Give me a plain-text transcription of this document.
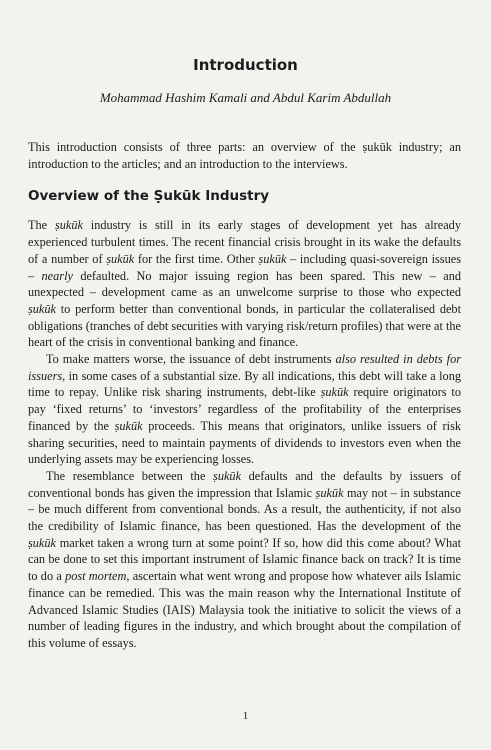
Introduction

Mohammad Hashim Kamali and Abdul Karim Abdullah

This introduction consists of three parts: an overview of the ṣukūk industry; an introduction to the articles; and an introduction to the interviews.

Overview of the Ṣukūk Industry

The ṣukūk industry is still in its early stages of development yet has already experienced turbulent times. The recent financial crisis brought in its wake the defaults of a number of ṣukūk for the first time. Other ṣukūk – including quasi-sovereign issues – nearly defaulted. No major issuing region has been spared. This new – and unexpected – development came as an unwelcome surprise to those who expected ṣukūk to perform better than conventional bonds, in particular the collateralised debt obligations (tranches of debt securities with varying risk/return profiles) that were at the heart of the crisis in conventional banking and finance.

To make matters worse, the issuance of debt instruments also resulted in debts for issuers, in some cases of a substantial size. By all indications, this debt will take a long time to repay. Unlike risk sharing instruments, debt-like ṣukūk require originators to pay ‘fixed returns’ to ‘investors’ regardless of the profitability of the enterprises financed by the ṣukūk proceeds. This means that originators, unlike issuers of risk sharing securities, need to maintain payments of dividends to investors even when the underlying assets may be experiencing losses.

The resemblance between the ṣukūk defaults and the defaults by issuers of conventional bonds has given the impression that Islamic ṣukūk may not – in substance – be much different from conventional bonds. As a result, the authenticity, if not also the credibility of Islamic finance, has been questioned. Has the development of the ṣukūk market taken a wrong turn at some point? If so, how did this come about? What can be done to set this important instrument of Islamic finance back on track? It is time to do a post mortem, ascertain what went wrong and propose how whatever ails Islamic finance can be remedied. This was the main reason why the International Institute of Advanced Islamic Studies (IAIS) Malaysia took the initiative to solicit the views of a number of leading figures in the industry, and which brought about the compilation of this volume of essays.

1
